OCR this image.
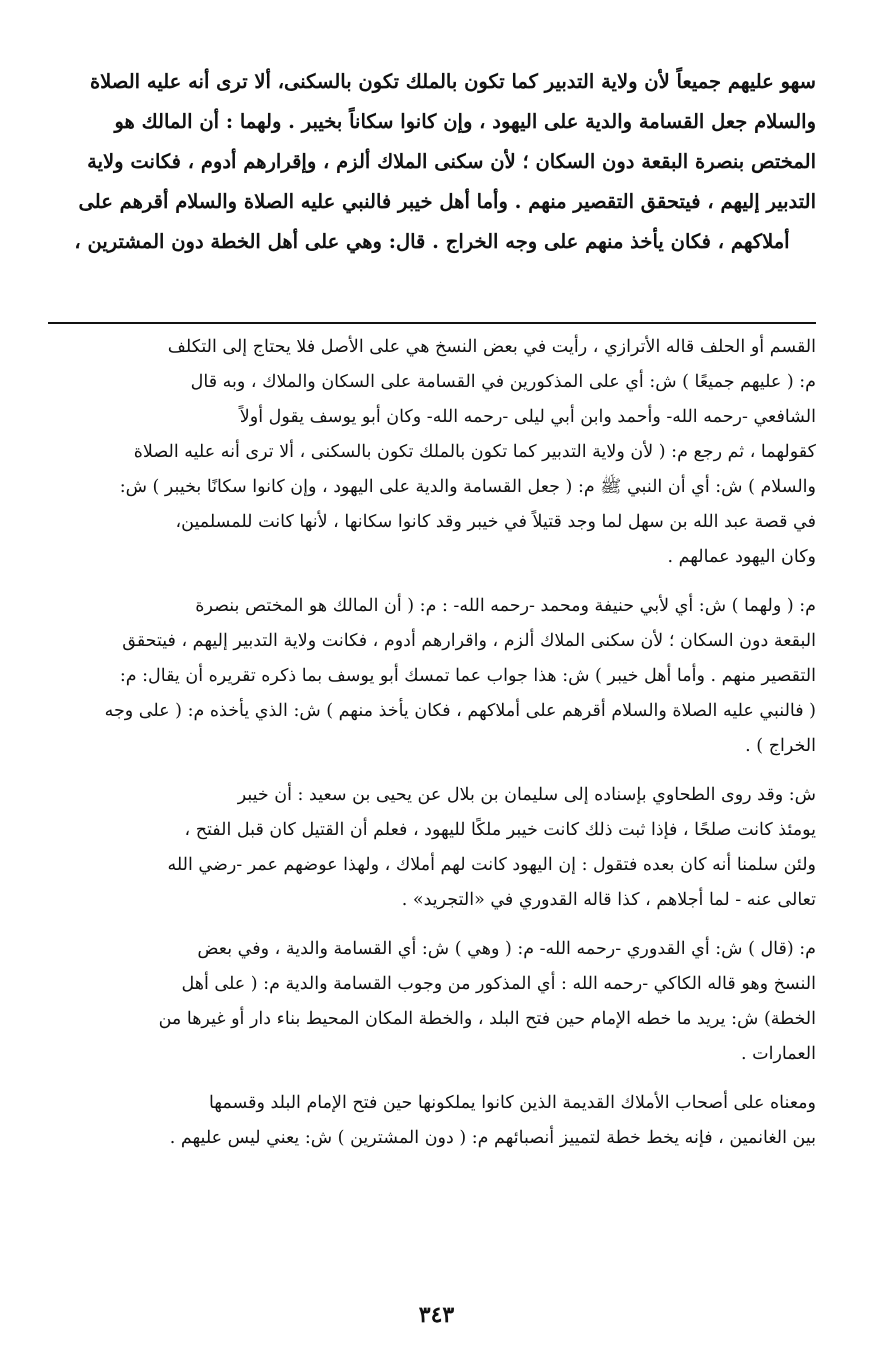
سهو عليهم جميعاً لأن ولاية التدبير كما تكون بالملك تكون بالسكنى، ألا ترى أنه عليه الصلاة

والسلام جعل القسامة والدية على اليهود ، وإن كانوا سكاناً بخيبر . ولهما : أن المالك هو

المختص بنصرة البقعة دون السكان ؛ لأن سكنى الملاك ألزم ، وإقرارهم أدوم ، فكانت ولاية

التدبير إليهم ، فيتحقق التقصير منهم . وأما أهل خيبر فالنبي عليه الصلاة والسلام أقرهم على

أملاكهم ، فكان يأخذ منهم على وجه الخراج . قال: وهي على أهل الخطة دون المشترين ،

القسم أو الحلف قاله الأترازي ، رأيت في بعض النسخ هي على الأصل فلا يحتاج إلى التكلف

م: ( عليهم جميعًا ) ش: أي على المذكورين في القسامة على السكان والملاك ، وبه قال

الشافعي -رحمه الله- وأحمد وابن أبي ليلى -رحمه الله- وكان أبو يوسف يقول أولاً

كقولهما ، ثم رجع م: ( لأن ولاية التدبير كما تكون بالملك تكون بالسكنى ، ألا ترى أنه عليه الصلاة

والسلام ) ش: أي أن النبي ﷺ م: ( جعل القسامة والدية على اليهود ، وإن كانوا سكانًا بخيبر ) ش:

في قصة عبد الله بن سهل لما وجد قتيلاً في خيبر وقد كانوا سكانها ، لأنها كانت للمسلمين،

وكان اليهود عمالهم .

م: ( ولهما ) ش: أي لأبي حنيفة ومحمد -رحمه الله- : م: ( أن المالك هو المختص بنصرة

البقعة دون السكان ؛ لأن سكنى الملاك ألزم ، واقرارهم أدوم ، فكانت ولاية التدبير إليهم ، فيتحقق

التقصير منهم . وأما أهل خيبر ) ش: هذا جواب عما تمسك أبو يوسف بما ذكره تقريره أن يقال: م:

( فالنبي عليه الصلاة والسلام أقرهم على أملاكهم ، فكان يأخذ منهم ) ش: الذي يأخذه م: ( على وجه

الخراج ) .

ش: وقد روى الطحاوي بإسناده إلى سليمان بن بلال عن يحيى بن سعيد : أن خيبر

يومئذ كانت صلحًا ، فإذا ثبت ذلك كانت خيبر ملكًا لليهود ، فعلم أن القتيل كان قبل الفتح ،

ولئن سلمنا أنه كان بعده فتقول : إن اليهود كانت لهم أملاك ، ولهذا عوضهم عمر -رضي الله

تعالى عنه - لما أجلاهم ، كذا قاله القدوري في «التجريد» .

م: (قال ) ش: أي القدوري -رحمه الله- م: ( وهي ) ش: أي القسامة والدية ، وفي بعض

النسخ وهو قاله الكاكي -رحمه الله : أي المذكور من وجوب القسامة والدية م: ( على أهل

الخطة) ش: يريد ما خطه الإمام حين فتح البلد ، والخطة المكان المحيط بناء دار أو غيرها من

العمارات .

ومعناه على أصحاب الأملاك القديمة الذين كانوا يملكونها حين فتح الإمام البلد وقسمها

بين الغانمين ، فإنه يخط خطة لتمييز أنصبائهم م: ( دون المشترين ) ش: يعني ليس عليهم .

٣٤٣
